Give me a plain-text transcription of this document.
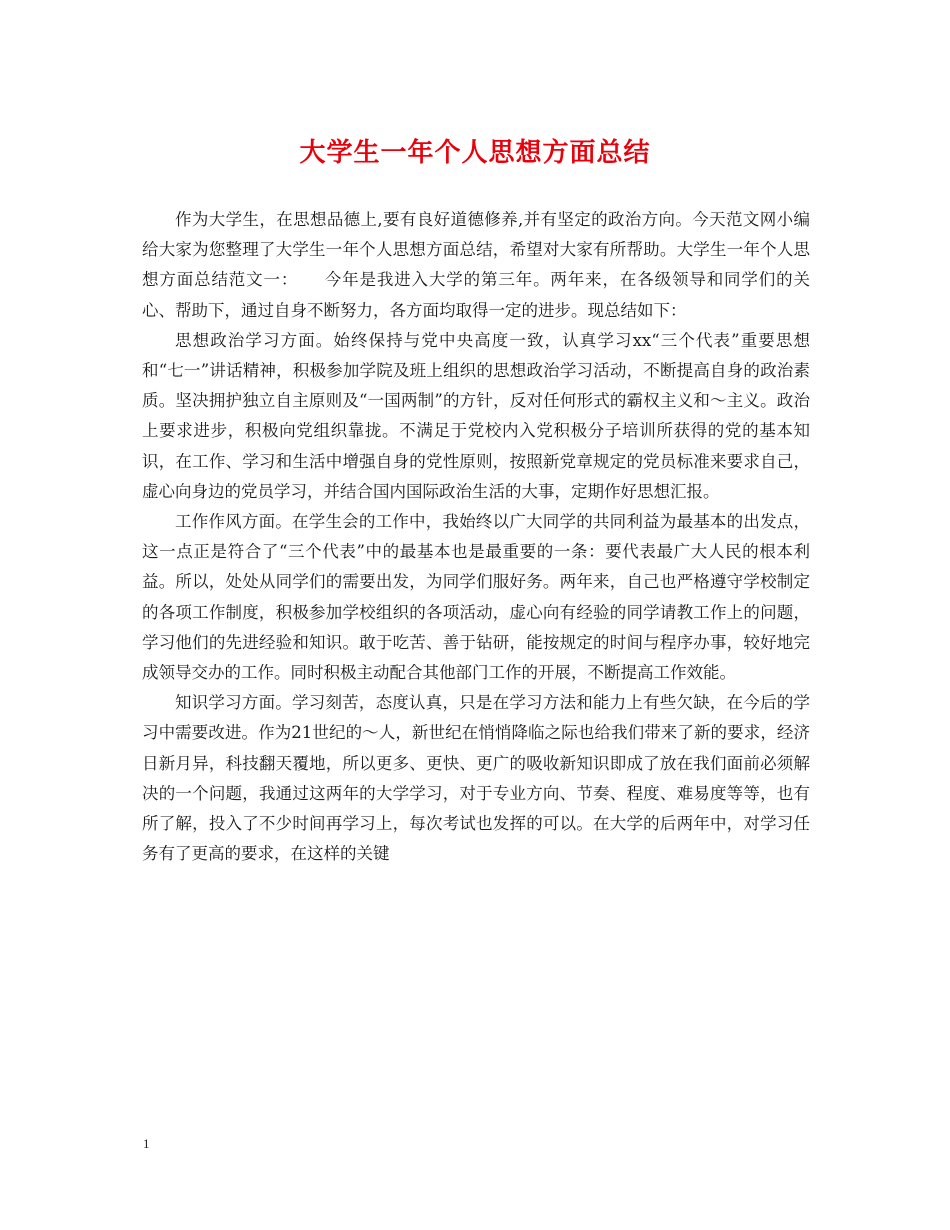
大学生一年个人思想方面总结

作为大学生，在思想品德上,要有良好道德修养,并有坚定的政治方向。今天范文网小编给大家为您整理了大学生一年个人思想方面总结，希望对大家有所帮助。大学生一年个人思想方面总结范文一：　　今年是我进入大学的第三年。两年来，在各级领导和同学们的关心、帮助下，通过自身不断努力，各方面均取得一定的进步。现总结如下：

思想政治学习方面。始终保持与党中央高度一致，认真学习xx“三个代表”重要思想和“七一”讲话精神，积极参加学院及班上组织的思想政治学习活动，不断提高自身的政治素质。坚决拥护独立自主原则及“一国两制”的方针，反对任何形式的霸权主义和～主义。政治上要求进步，积极向党组织靠拢。不满足于党校内入党积极分子培训所获得的党的基本知识，在工作、学习和生活中增强自身的党性原则，按照新党章规定的党员标准来要求自己，虚心向身边的党员学习，并结合国内国际政治生活的大事，定期作好思想汇报。

工作作风方面。在学生会的工作中，我始终以广大同学的共同利益为最基本的出发点，这一点正是符合了“三个代表”中的最基本也是最重要的一条：要代表最广大人民的根本利益。所以，处处从同学们的需要出发，为同学们服好务。两年来，自己也严格遵守学校制定的各项工作制度，积极参加学校组织的各项活动，虚心向有经验的同学请教工作上的问题，学习他们的先进经验和知识。敢于吃苦、善于钻研，能按规定的时间与程序办事，较好地完成领导交办的工作。同时积极主动配合其他部门工作的开展，不断提高工作效能。

知识学习方面。学习刻苦，态度认真，只是在学习方法和能力上有些欠缺，在今后的学习中需要改进。作为21世纪的～人，新世纪在悄悄降临之际也给我们带来了新的要求，经济日新月异，科技翻天覆地，所以更多、更快、更广的吸收新知识即成了放在我们面前必须解决的一个问题，我通过这两年的大学学习，对于专业方向、节奏、程度、难易度等等，也有所了解，投入了不少时间再学习上，每次考试也发挥的可以。在大学的后两年中，对学习任务有了更高的要求，在这样的关键

1
